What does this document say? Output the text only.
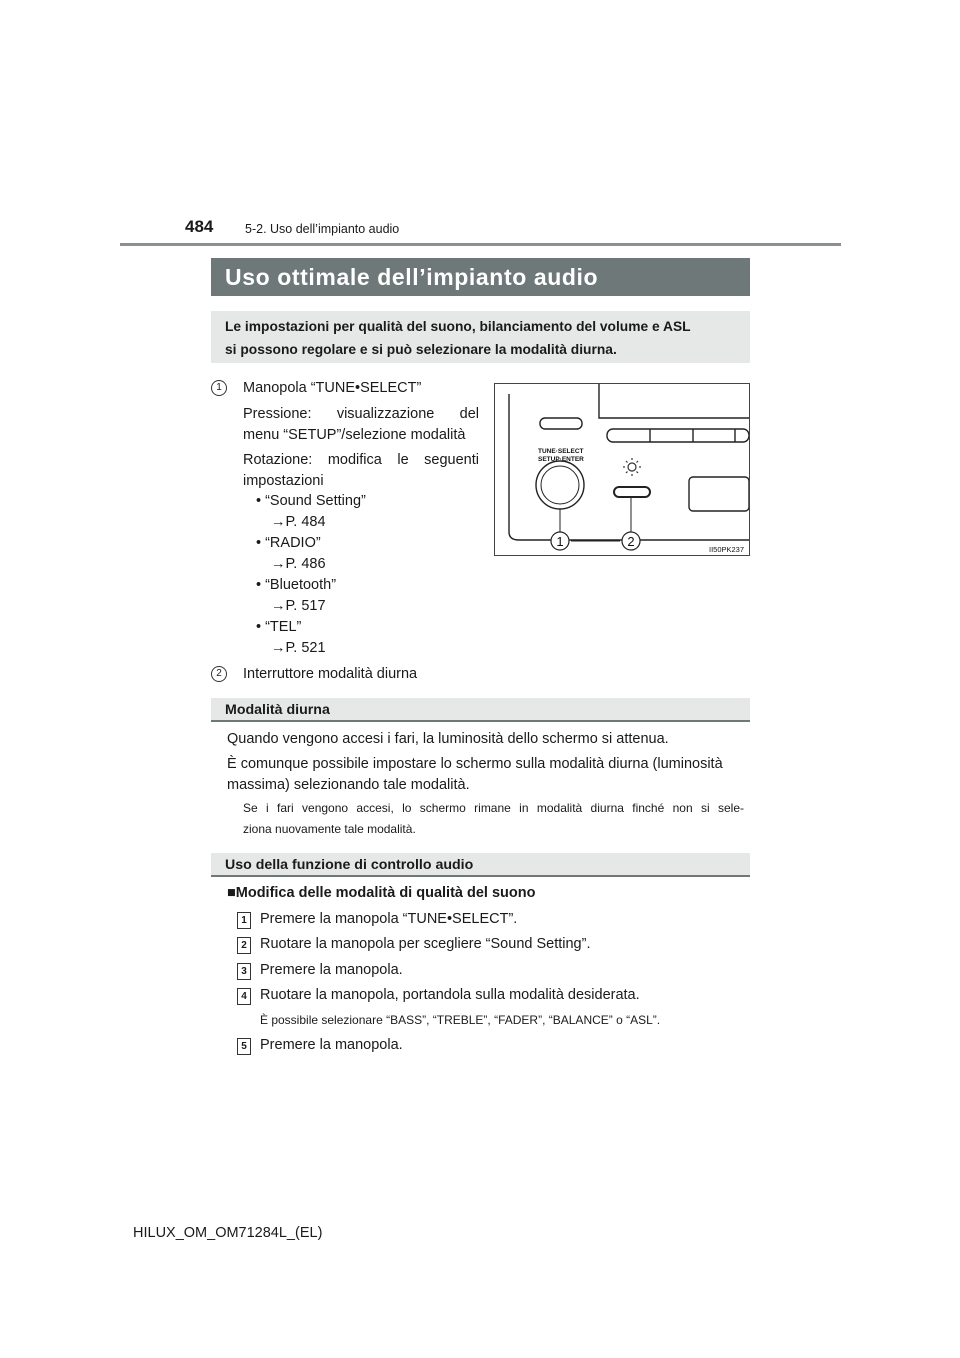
484	5-2. Uso dell’impianto audio
Uso ottimale dell’impianto audio
Le impostazioni per qualità del suono, bilanciamento del volume e ASL
si possono regolare e si può selezionare la modalità diurna.
1	Manopola “TUNE•SELECT”
Pressione: visualizzazione del
menu “SETUP”/selezione modalità
Rotazione: modifica le seguenti
impostazioni
• “Sound Setting”
→P. 484
• “RADIO”
→P. 486
• “Bluetooth”
→P. 517
• “TEL”
→P. 521
2	Interruttore modalità diurna
TUNE·SELECT
SETUP·ENTER
1	2
II50PK237
Modalità diurna
Quando vengono accesi i fari, la luminosità dello schermo si attenua.
È comunque possibile impostare lo schermo sulla modalità diurna (luminosità
massima) selezionando tale modalità.
Se i fari vengono accesi, lo schermo rimane in modalità diurna finché non si sele-
ziona nuovamente tale modalità.
Uso della funzione di controllo audio
■Modifica delle modalità di qualità del suono
1 Premere la manopola “TUNE•SELECT”.
2 Ruotare la manopola per scegliere “Sound Setting”.
3 Premere la manopola.
4 Ruotare la manopola, portandola sulla modalità desiderata.
È possibile selezionare “BASS”, “TREBLE”, “FADER”, “BALANCE” o “ASL”.
5 Premere la manopola.
HILUX_OM_OM71284L_(EL)
